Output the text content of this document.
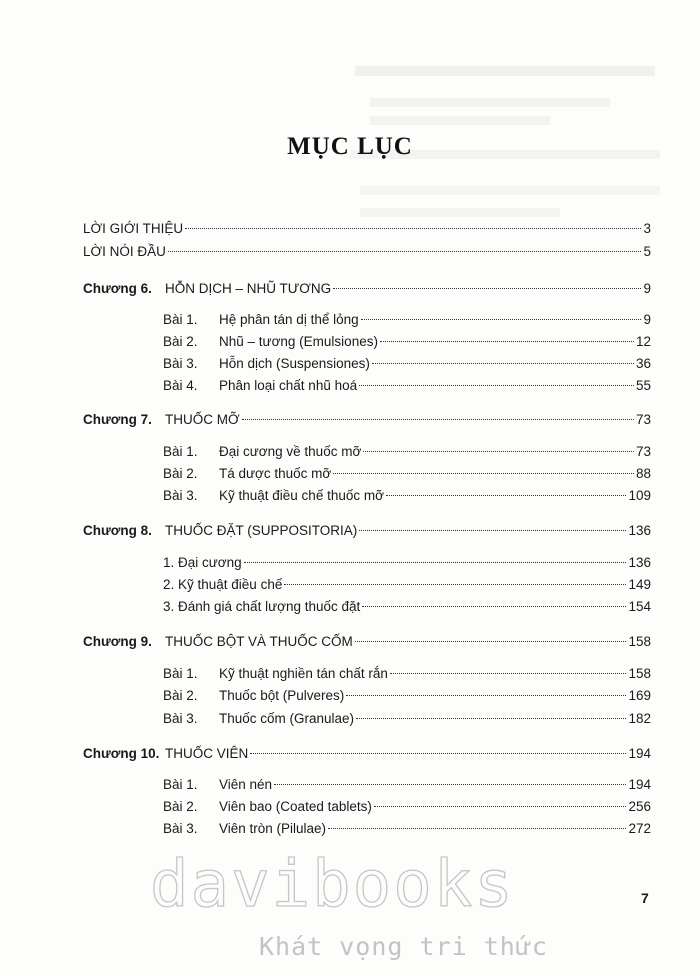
MỤC LỤC
LỜI GIỚI THIỆU	3
LỜI NÓI ĐẦU	5
Chương 6. HỖN DỊCH – NHŨ TƯƠNG	9
Bài 1. Hệ phân tán dị thể lỏng	9
Bài 2. Nhũ – tương (Emulsiones)	12
Bài 3. Hỗn dịch (Suspensiones)	36
Bài 4. Phân loại chất nhũ hoá	55
Chương 7. THUỐC MỠ	73
Bài 1. Đại cương về thuốc mỡ	73
Bài 2. Tá dược thuốc mỡ	88
Bài 3. Kỹ thuật điều chế thuốc mỡ	109
Chương 8. THUỐC ĐẶT (SUPPOSITORIA)	136
1. Đại cương	136
2. Kỹ thuật điều chế	149
3. Đánh giá chất lượng thuốc đặt	154
Chương 9. THUỐC BỘT VÀ THUỐC CỐM	158
Bài 1. Kỹ thuật nghiền tán chất rắn	158
Bài 2. Thuốc bột (Pulveres)	169
Bài 3. Thuốc cốm (Granulae)	182
Chương 10. THUỐC VIÊN	194
Bài 1. Viên nén	194
Bài 2. Viên bao (Coated tablets)	256
Bài 3. Viên tròn (Pilulae)	272
7
davibooks
Khát vọng tri thức
